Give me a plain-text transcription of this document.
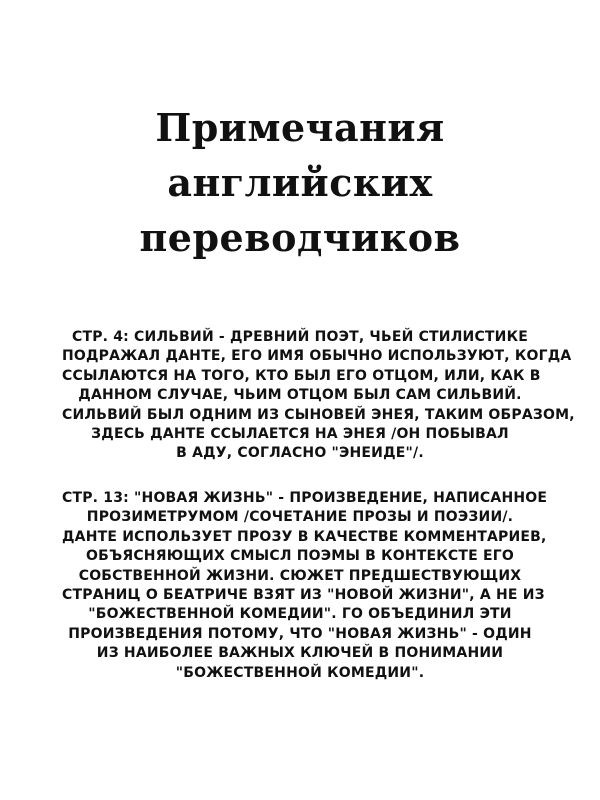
Примечания
английских
переводчиков
СТР. 4: СИЛЬВИЙ - ДРЕВНИЙ ПОЭТ, ЧЬЕЙ СТИЛИСТИКЕ
ПОДРАЖАЛ ДАНТЕ, ЕГО ИМЯ ОБЫЧНО ИСПОЛЬЗУЮТ, КОГДА
ССЫЛАЮТСЯ НА ТОГО, КТО БЫЛ ЕГО ОТЦОМ, ИЛИ, КАК В
ДАННОМ СЛУЧАЕ, ЧЬИМ ОТЦОМ БЫЛ САМ СИЛЬВИЙ.
СИЛЬВИЙ БЫЛ ОДНИМ ИЗ СЫНОВЕЙ ЭНЕЯ, ТАКИМ ОБРАЗОМ,
ЗДЕСЬ ДАНТЕ ССЫЛАЕТСЯ НА ЭНЕЯ /ОН ПОБЫВАЛ
В АДУ, СОГЛАСНО "ЭНЕИДЕ"/.
СТР. 13: "НОВАЯ ЖИЗНЬ" - ПРОИЗВЕДЕНИЕ, НАПИСАННОЕ
ПРОЗИМЕТРУМОМ /СОЧЕТАНИЕ ПРОЗЫ И ПОЭЗИИ/.
ДАНТЕ ИСПОЛЬЗУЕТ ПРОЗУ В КАЧЕСТВЕ КОММЕНТАРИЕВ,
ОБЪЯСНЯЮЩИХ СМЫСЛ ПОЭМЫ В КОНТЕКСТЕ ЕГО
СОБСТВЕННОЙ ЖИЗНИ. СЮЖЕТ ПРЕДШЕСТВУЮЩИХ
СТРАНИЦ О БЕАТРИЧЕ ВЗЯТ ИЗ "НОВОЙ ЖИЗНИ", А НЕ ИЗ
"БОЖЕСТВЕННОЙ КОМЕДИИ". ГО ОБЪЕДИНИЛ ЭТИ
ПРОИЗВЕДЕНИЯ ПОТОМУ, ЧТО "НОВАЯ ЖИЗНЬ" - ОДИН
ИЗ НАИБОЛЕЕ ВАЖНЫХ КЛЮЧЕЙ В ПОНИМАНИИ
"БОЖЕСТВЕННОЙ КОМЕДИИ".
